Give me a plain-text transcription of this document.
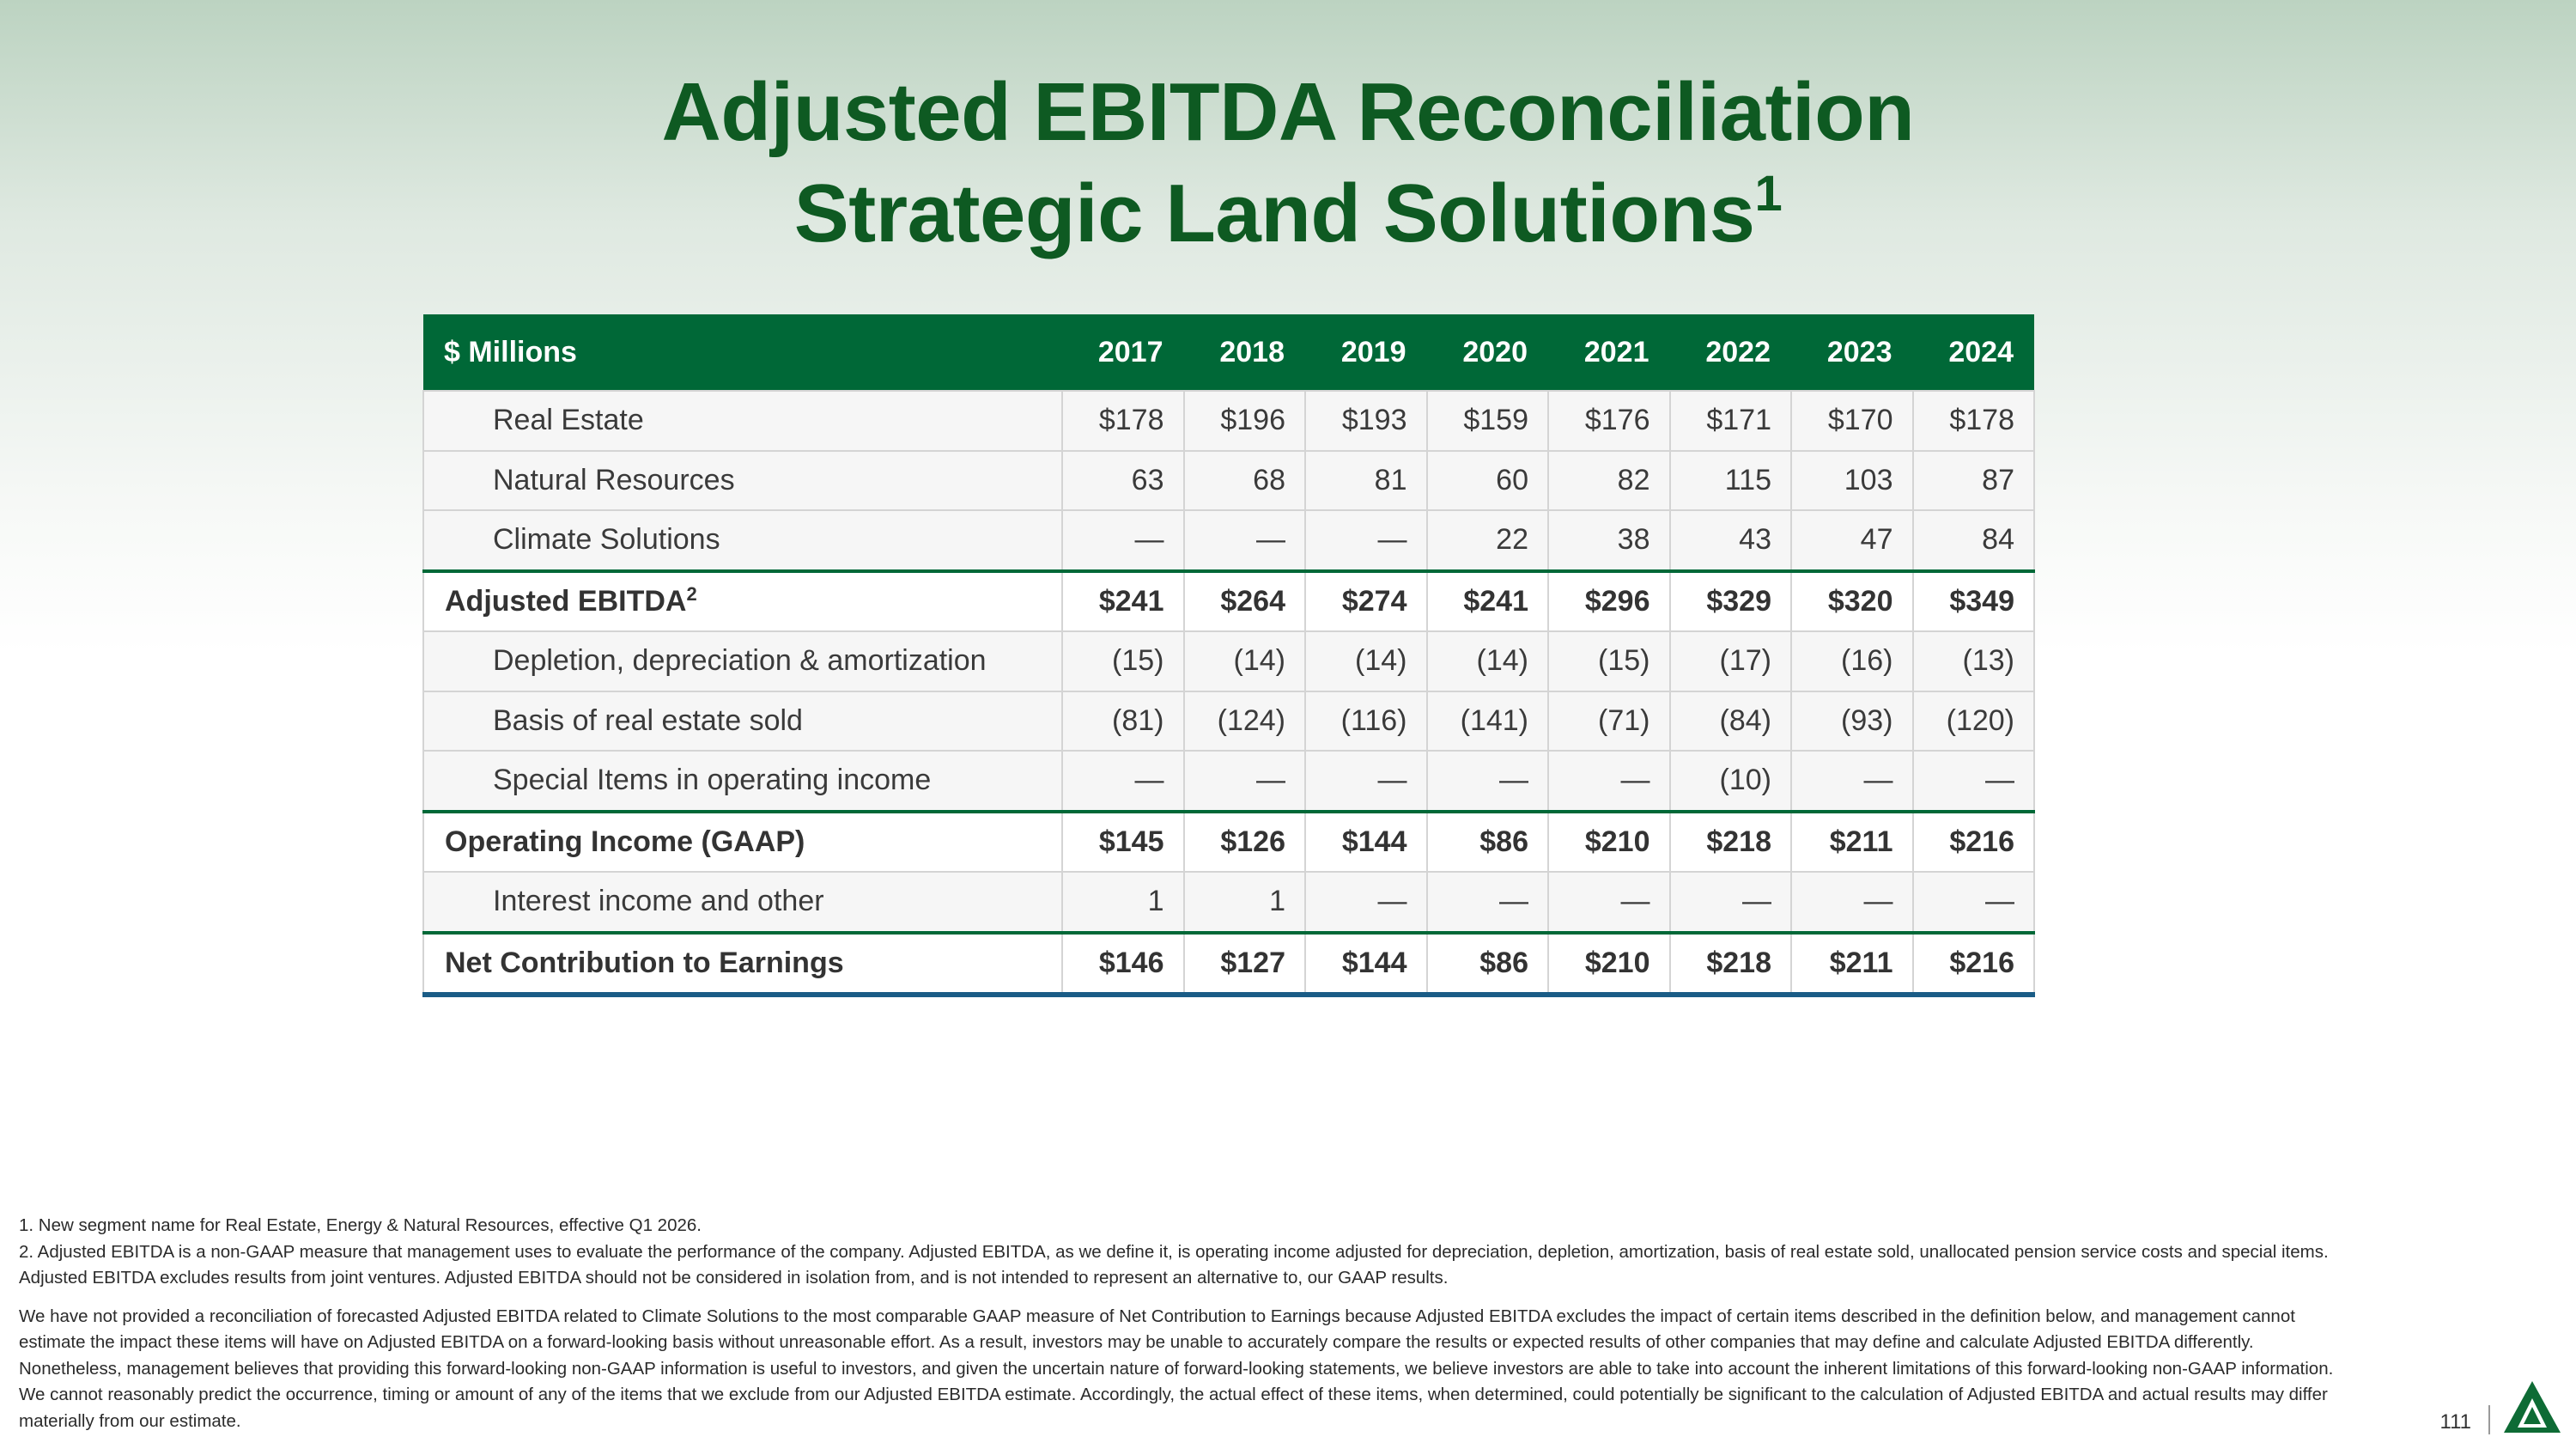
Adjusted EBITDA Reconciliation
Strategic Land Solutions$^1$
$ Millions	2017	2018	2019	2020	2021	2022	2023	2024
Real Estate	$178	$196	$193	$159	$176	$171	$170	$178
Natural Resources	63	68	81	60	82	115	103	87
Climate Solutions	—	—	—	22	38	43	47	84
Adjusted EBITDA$^2$	$241	$264	$274	$241	$296	$329	$320	$349
Depletion, depreciation & amortization	(15)	(14)	(14)	(14)	(15)	(17)	(16)	(13)
Basis of real estate sold	(81)	(124)	(116)	(141)	(71)	(84)	(93)	(120)
Special Items in operating income	—	—	—	—	—	(10)	—	—
Operating Income (GAAP)	$145	$126	$144	$86	$210	$218	$211	$216
Interest income and other	1	1	—	—	—	—	—	—
Net Contribution to Earnings	$146	$127	$144	$86	$210	$218	$211	$216

1. New segment name for Real Estate, Energy & Natural Resources, effective Q1 2026.

2. Adjusted EBITDA is a non-GAAP measure that management uses to evaluate the performance of the company. Adjusted EBITDA, as we define it, is operating income adjusted for depreciation, depletion, amortization, basis of real estate sold, unallocated pension service costs and special items. Adjusted EBITDA excludes results from joint ventures. Adjusted EBITDA should not be considered in isolation from, and is not intended to represent an alternative to, our GAAP results.

We have not provided a reconciliation of forecasted Adjusted EBITDA related to Climate Solutions to the most comparable GAAP measure of Net Contribution to Earnings because Adjusted EBITDA excludes the impact of certain items described in the definition below, and management cannot estimate the impact these items will have on Adjusted EBITDA on a forward-looking basis without unreasonable effort. As a result, investors may be unable to accurately compare the results or expected results of other companies that may define and calculate Adjusted EBITDA differently. Nonetheless, management believes that providing this forward-looking non-GAAP information is useful to investors, and given the uncertain nature of forward-looking statements, we believe investors are able to take into account the inherent limitations of this forward-looking non-GAAP information. We cannot reasonably predict the occurrence, timing or amount of any of the items that we exclude from our Adjusted EBITDA estimate. Accordingly, the actual effect of these items, when determined, could potentially be significant to the calculation of Adjusted EBITDA and actual results may differ materially from our estimate.	111
